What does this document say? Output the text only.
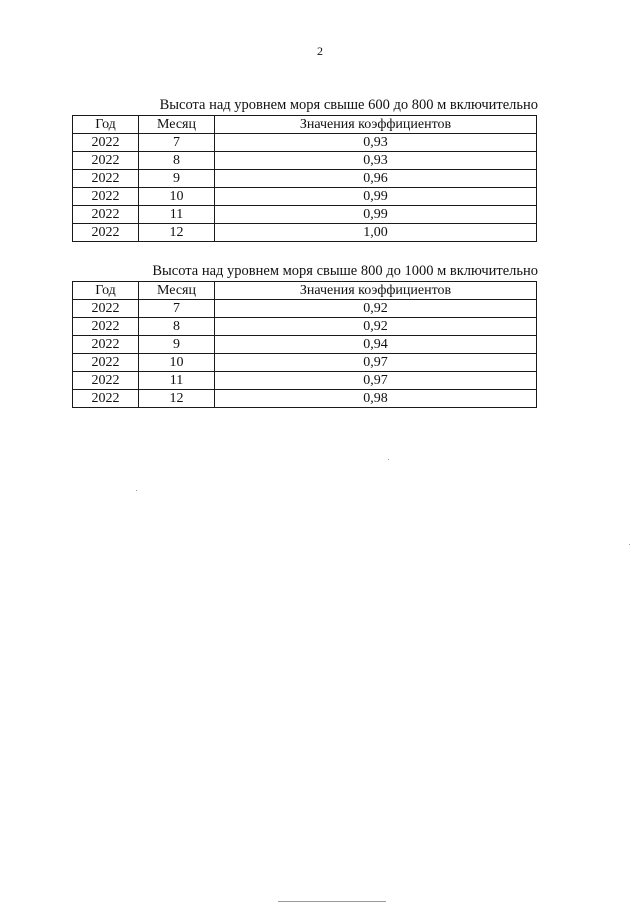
2
Высота над уровнем моря свыше 600 до 800 м включительно
Год	Месяц	Значения коэффициентов
2022	7	0,93
2022	8	0,93
2022	9	0,96
2022	10	0,99
2022	11	0,99
2022	12	1,00
Высота над уровнем моря свыше 800 до 1000 м включительно
Год	Месяц	Значения коэффициентов
2022	7	0,92
2022	8	0,92
2022	9	0,94
2022	10	0,97
2022	11	0,97
2022	12	0,98
